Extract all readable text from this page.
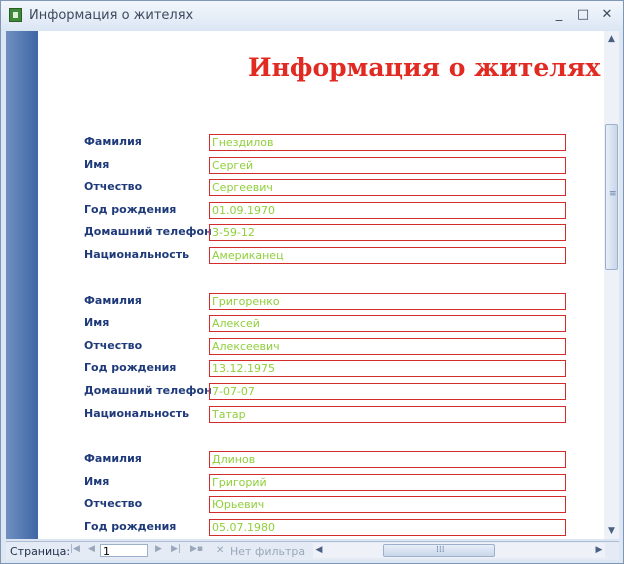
Информация о жителях	_	□ ✕
Информация о жителях
Фамилия	Гнездилов
Имя	Сергей
Отчество	Сергеевич
Год рождения	01.09.1970
Домашний телефон 3-59-12
Национальность Американец
Фамилия	Григоренко
Имя	Алексей
Отчество	Алексеевич
Год рождения	13.12.1975
Домашний телефон 7-07-07
Национальность Татар
Фамилия	Длинов
Имя	Григорий
Отчество	Юрьевич
Год рождения	05.07.1980
▲
≡
▼
Страница: |◀ ◀ 1	▶ ▶| ▶▪ ✕ Нет фильтра ◀	⁞⁞⁞	▶
